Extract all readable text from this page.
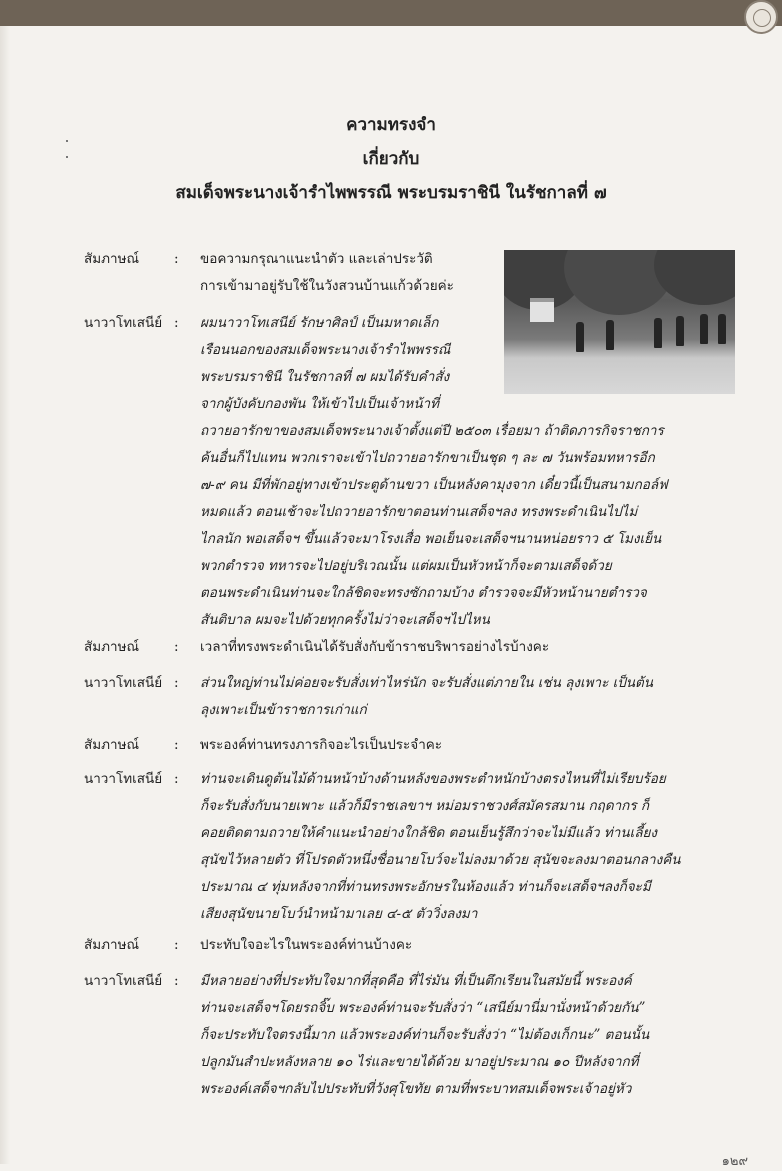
ความทรงจำ
เกี่ยวกับ
สมเด็จพระนางเจ้ารำไพพรรณี พระบรมราชินี ในรัชกาลที่ ๗
สัมภาษณ์	: ขอความกรุณาแนะนำตัว และเล่าประวัติ
การเข้ามาอยู่รับใช้ในวังสวนบ้านแก้วด้วยค่ะ
นาวาโทเสนีย์ : ผมนาวาโทเสนีย์ รักษาศิลป์ เป็นมหาดเล็ก
เรือนนอกของสมเด็จพระนางเจ้ารำไพพรรณี
พระบรมราชินี ในรัชกาลที่ ๗ ผมได้รับคำสั่ง
จากผู้บังคับกองพัน ให้เข้าไปเป็นเจ้าหน้าที่
ถวายอารักขาของสมเด็จพระนางเจ้าตั้งแต่ปี ๒๕๐๓ เรื่อยมา ถ้าติดภารกิจราชการ
ค้นอื่นก็ไปแทน พวกเราจะเข้าไปถวายอารักขาเป็นชุด ๆ ละ ๗ วันพร้อมทหารอีก
๗-๙ คน มีที่พักอยู่ทางเข้าประตูด้านขวา เป็นหลังคามุงจาก เดี๋ยวนี้เป็นสนามกอล์ฟ
หมดแล้ว ตอนเช้าจะไปถวายอารักขาตอนท่านเสด็จฯลง ทรงพระดำเนินไปไม่
ไกลนัก พอเสด็จฯ ขึ้นแล้วจะมาโรงเสื่อ พอเย็นจะเสด็จฯนานหน่อยราว ๕ โมงเย็น
พวกตำรวจ ทหารจะไปอยู่บริเวณนั้น แต่ผมเป็นหัวหน้าก็จะตามเสด็จด้วย
ตอนพระดำเนินท่านจะใกล้ชิดจะทรงซักถามบ้าง ตำรวจจะมีหัวหน้านายตำรวจ
สันติบาล ผมจะไปด้วยทุกครั้งไม่ว่าจะเสด็จฯไปไหน
สัมภาษณ์	: เวลาที่ทรงพระดำเนินได้รับสั่งกับข้าราชบริพารอย่างไรบ้างคะ
นาวาโทเสนีย์ : ส่วนใหญ่ท่านไม่ค่อยจะรับสั่งเท่าไหร่นัก จะรับสั่งแต่ภายใน เช่น ลุงเพาะ เป็นต้น
ลุงเพาะเป็นข้าราชการเก่าแก่
สัมภาษณ์	: พระองค์ท่านทรงภารกิจอะไรเป็นประจำคะ
นาวาโทเสนีย์ : ท่านจะเดินดูต้นไม้ด้านหน้าบ้างด้านหลังของพระตำหนักบ้างตรงไหนที่ไม่เรียบร้อย
ก็จะรับสั่งกับนายเพาะ แล้วก็มีราชเลขาฯ หม่อมราชวงศ์สมัครสมาน กฤดากร ก็
คอยติดตามถวายให้คำแนะนำอย่างใกล้ชิด ตอนเย็นรู้สึกว่าจะไม่มีแล้ว ท่านเลี้ยง
สุนัขไว้หลายตัว ที่โปรดตัวหนึ่งชื่อนายโบว์จะไม่ลงมาด้วย สุนัขจะลงมาตอนกลางคืน
ประมาณ ๔ ทุ่มหลังจากที่ท่านทรงพระอักษรในห้องแล้ว ท่านก็จะเสด็จฯลงก็จะมี
เสียงสุนัขนายโบว์นำหน้ามาเลย ๔-๕ ตัววิ่งลงมา
สัมภาษณ์	: ประทับใจอะไรในพระองค์ท่านบ้างคะ
นาวาโทเสนีย์ : มีหลายอย่างที่ประทับใจมากที่สุดคือ ที่ไร่มัน ที่เป็นตึกเรียนในสมัยนี้ พระองค์
ท่านจะเสด็จฯโดยรถจิ๊บ พระองค์ท่านจะรับสั่งว่า “เสนีย์มานี่มานั่งหน้าด้วยกัน”
ก็จะประทับใจตรงนี้มาก แล้วพระองค์ท่านก็จะรับสั่งว่า “ไม่ต้องเก็กนะ” ตอนนั้น
ปลูกมันสำปะหลังหลาย ๑๐ ไร่และขายได้ด้วย มาอยู่ประมาณ ๑๐ ปีหลังจากที่
พระองค์เสด็จฯกลับไปประทับที่วังศุโขทัย ตามที่พระบาทสมเด็จพระเจ้าอยู่หัว
๑๒๙
